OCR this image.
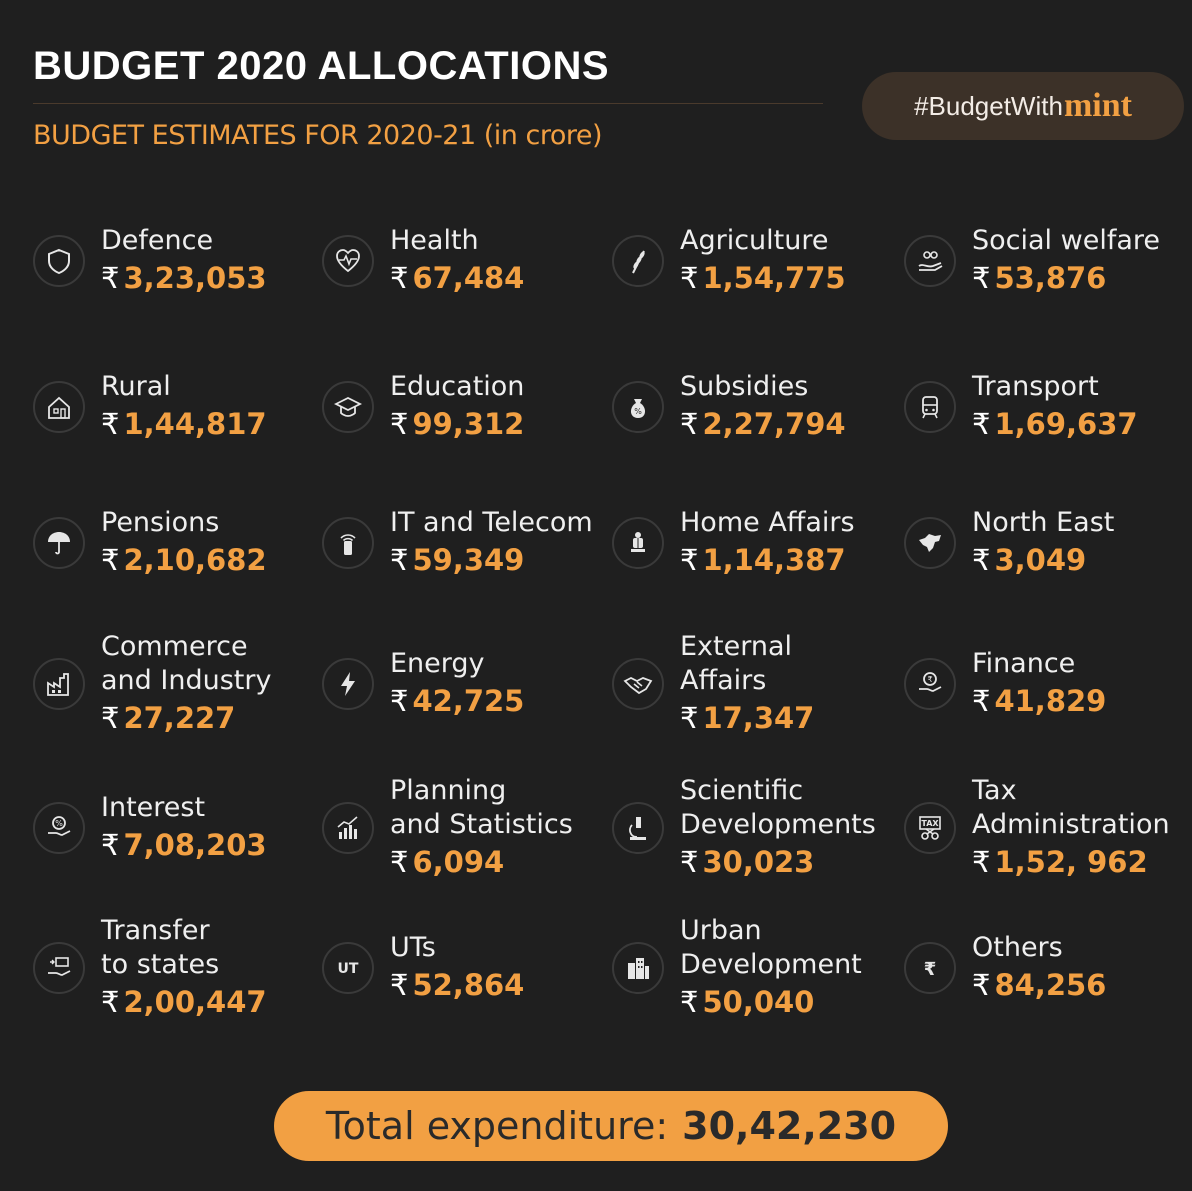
BUDGET 2020 ALLOCATIONS
BUDGET ESTIMATES FOR 2020-21 (in crore)
#BudgetWith mint
Defence
₹ 3,23,053
Health
₹ 67,484
Agriculture
₹ 1,54,775
Social welfare
₹ 53,876
Rural
₹ 1,44,817
Education
₹ 99,312	%
Subsidies
₹ 2,27,794
Transport
₹ 1,69,637
Pensions
₹ 2,10,682
IT and Telecom
₹ 59,349
Home Affairs
₹ 1,14,387
North East
₹ 3,049
Commerce
and Industry
₹ 27,227
Energy
₹ 42,725
External
Affairs
₹ 17,347
₹
Finance
₹ 41,829
%
Interest
₹ 7,08,203
Planning
and Statistics
₹ 6,094
Scientific
Developments
₹ 30,023
TAX
Tax
Administration
₹ 1,52, 962
Transfer
to states
₹ 2,00,447
UT
UTs
₹ 52,864
Urban
Development
₹ 50,040
₹
Others
₹ 84,256
Total expenditure: 30,42,230
